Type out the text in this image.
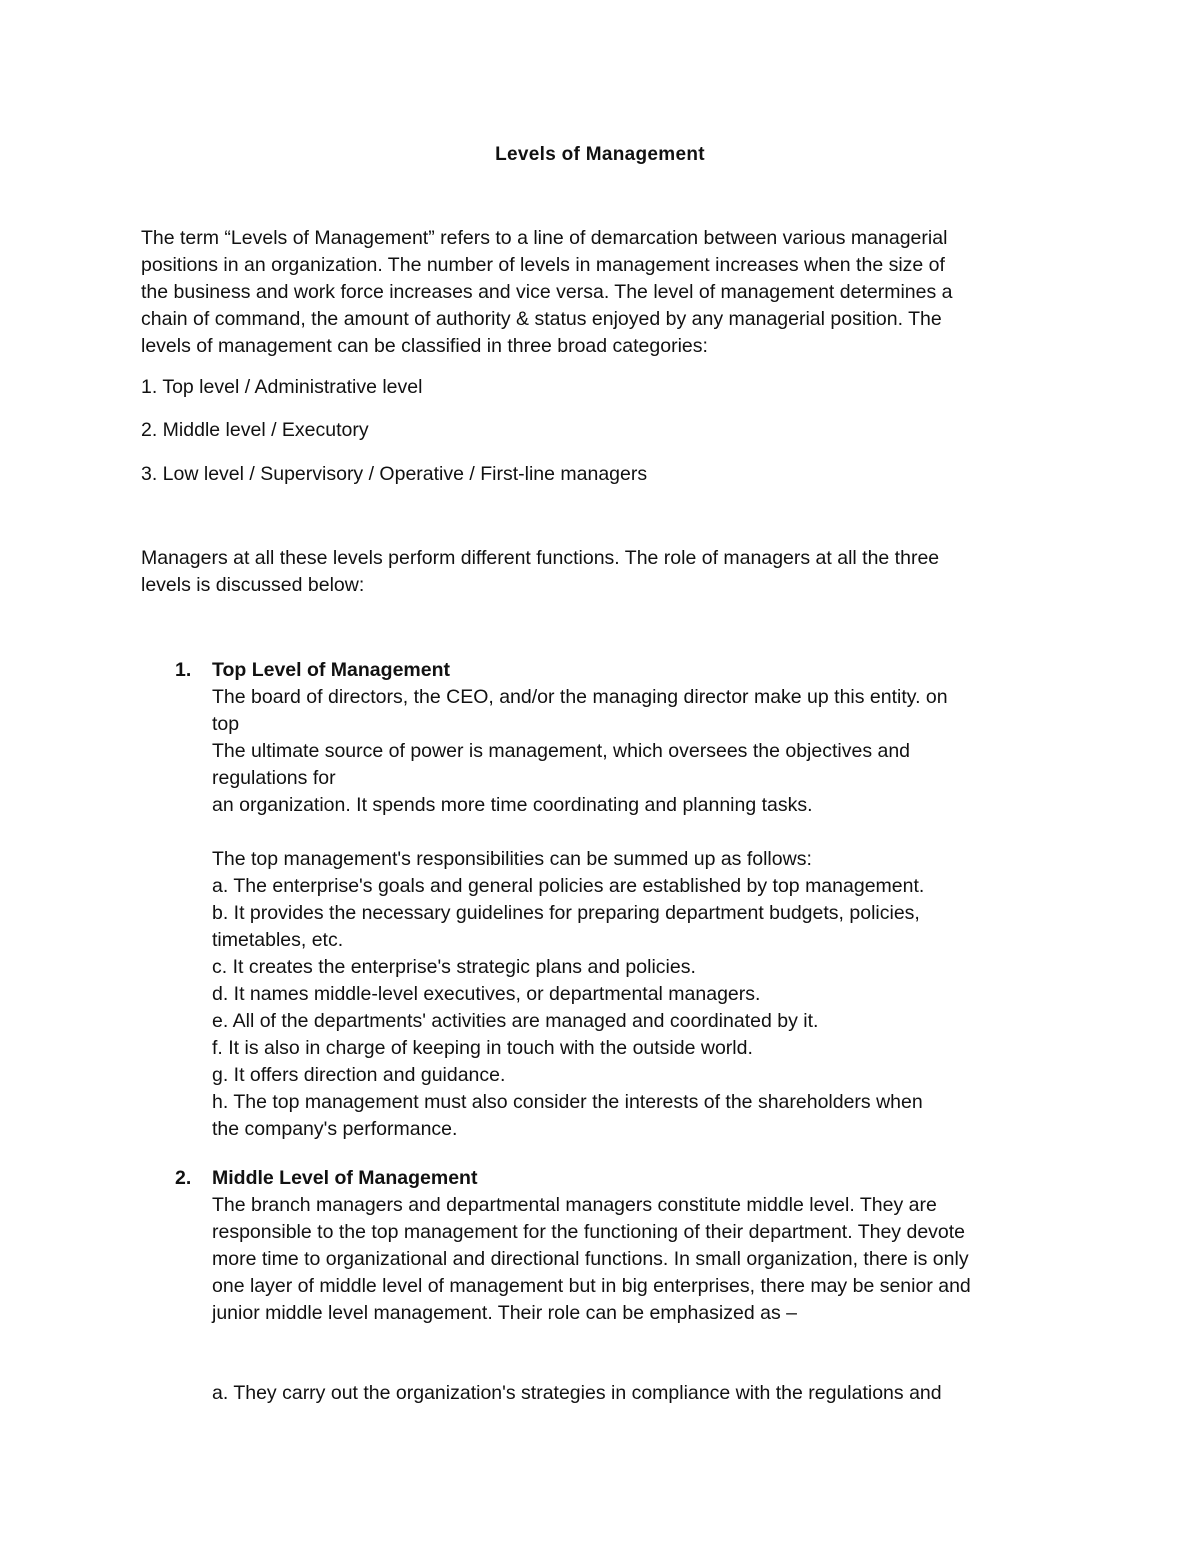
Levels of Management
The term “Levels of Management” refers to a line of demarcation between various managerial
positions in an organization. The number of levels in management increases when the size of
the business and work force increases and vice versa. The level of management determines a
chain of command, the amount of authority & status enjoyed by any managerial position. The
levels of management can be classified in three broad categories:
1. Top level / Administrative level
2. Middle level / Executory
3. Low level / Supervisory / Operative / First-line managers
Managers at all these levels perform different functions. The role of managers at all the three
levels is discussed below:
1. Top Level of Management
The board of directors, the CEO, and/or the managing director make up this entity. on
top
The ultimate source of power is management, which oversees the objectives and
regulations for
an organization. It spends more time coordinating and planning tasks.
The top management's responsibilities can be summed up as follows:
a. The enterprise's goals and general policies are established by top management.
b. It provides the necessary guidelines for preparing department budgets, policies,
timetables, etc.
c. It creates the enterprise's strategic plans and policies.
d. It names middle-level executives, or departmental managers.
e. All of the departments' activities are managed and coordinated by it.
f. It is also in charge of keeping in touch with the outside world.
g. It offers direction and guidance.
h. The top management must also consider the interests of the shareholders when
the company's performance.
2. Middle Level of Management
The branch managers and departmental managers constitute middle level. They are
responsible to the top management for the functioning of their department. They devote
more time to organizational and directional functions. In small organization, there is only
one layer of middle level of management but in big enterprises, there may be senior and
junior middle level management. Their role can be emphasized as –
a. They carry out the organization's strategies in compliance with the regulations and
